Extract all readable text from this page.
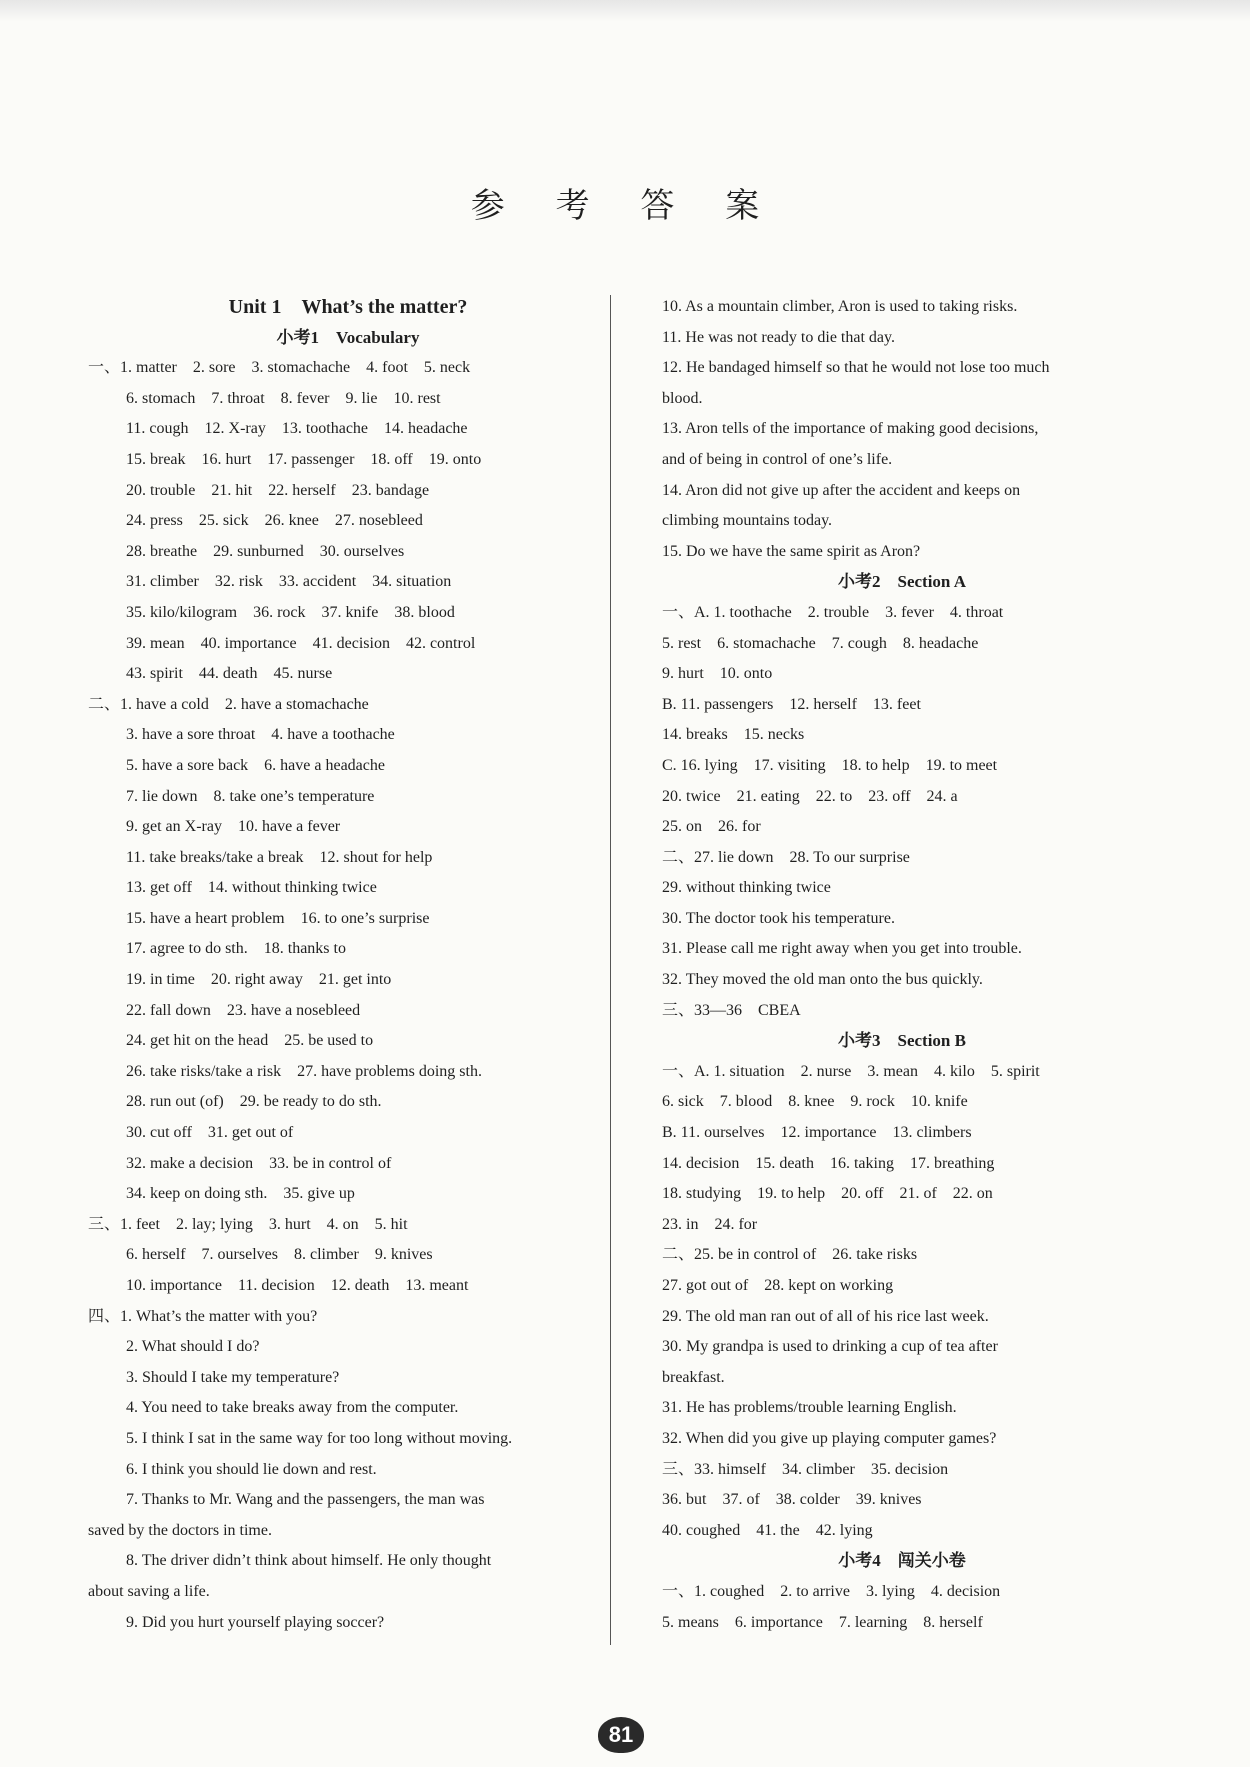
参 考 答 案
Unit 1　What’s the matter?
小考1　Vocabulary
一、1. matter　2. sore　3. stomachache　4. foot　5. neck
6. stomach　7. throat　8. fever　9. lie　10. rest
11. cough　12. X-ray　13. toothache　14. headache
15. break　16. hurt　17. passenger　18. off　19. onto
20. trouble　21. hit　22. herself　23. bandage
24. press　25. sick　26. knee　27. nosebleed
28. breathe　29. sunburned　30. ourselves
31. climber　32. risk　33. accident　34. situation
35. kilo/kilogram　36. rock　37. knife　38. blood
39. mean　40. importance　41. decision　42. control
43. spirit　44. death　45. nurse
二、1. have a cold　2. have a stomachache
3. have a sore throat　4. have a toothache
5. have a sore back　6. have a headache
7. lie down　8. take one’s temperature
9. get an X-ray　10. have a fever
11. take breaks/take a break　12. shout for help
13. get off　14. without thinking twice
15. have a heart problem　16. to one’s surprise
17. agree to do sth.　18. thanks to
19. in time　20. right away　21. get into
22. fall down　23. have a nosebleed
24. get hit on the head　25. be used to
26. take risks/take a risk　27. have problems doing sth.
28. run out (of)　29. be ready to do sth.
30. cut off　31. get out of
32. make a decision　33. be in control of
34. keep on doing sth.　35. give up
三、1. feet　2. lay; lying　3. hurt　4. on　5. hit
6. herself　7. ourselves　8. climber　9. knives
10. importance　11. decision　12. death　13. meant
四、1. What’s the matter with you?
2. What should I do?
3. Should I take my temperature?
4. You need to take breaks away from the computer.
5. I think I sat in the same way for too long without moving.
6. I think you should lie down and rest.
7. Thanks to Mr. Wang and the passengers, the man was
saved by the doctors in time.
8. The driver didn’t think about himself. He only thought
about saving a life.
9. Did you hurt yourself playing soccer?
10. As a mountain climber, Aron is used to taking risks.
11. He was not ready to die that day.
12. He bandaged himself so that he would not lose too much
blood.
13. Aron tells of the importance of making good decisions,
and of being in control of one’s life.
14. Aron did not give up after the accident and keeps on
climbing mountains today.
15. Do we have the same spirit as Aron?
小考2　Section A
一、A. 1. toothache　2. trouble　3. fever　4. throat
5. rest　6. stomachache　7. cough　8. headache
9. hurt　10. onto
B. 11. passengers　12. herself　13. feet
14. breaks　15. necks
C. 16. lying　17. visiting　18. to help　19. to meet
20. twice　21. eating　22. to　23. off　24. a
25. on　26. for
二、27. lie down　28. To our surprise
29. without thinking twice
30. The doctor took his temperature.
31. Please call me right away when you get into trouble.
32. They moved the old man onto the bus quickly.
三、33—36　CBEA
小考3　Section B
一、A. 1. situation　2. nurse　3. mean　4. kilo　5. spirit
6. sick　7. blood　8. knee　9. rock　10. knife
B. 11. ourselves　12. importance　13. climbers
14. decision　15. death　16. taking　17. breathing
18. studying　19. to help　20. off　21. of　22. on
23. in　24. for
二、25. be in control of　26. take risks
27. got out of　28. kept on working
29. The old man ran out of all of his rice last week.
30. My grandpa is used to drinking a cup of tea after
breakfast.
31. He has problems/trouble learning English.
32. When did you give up playing computer games?
三、33. himself　34. climber　35. decision
36. but　37. of　38. colder　39. knives
40. coughed　41. the　42. lying
小考4　闯关小卷
一、1. coughed　2. to arrive　3. lying　4. decision
5. means　6. importance　7. learning　8. herself
81
